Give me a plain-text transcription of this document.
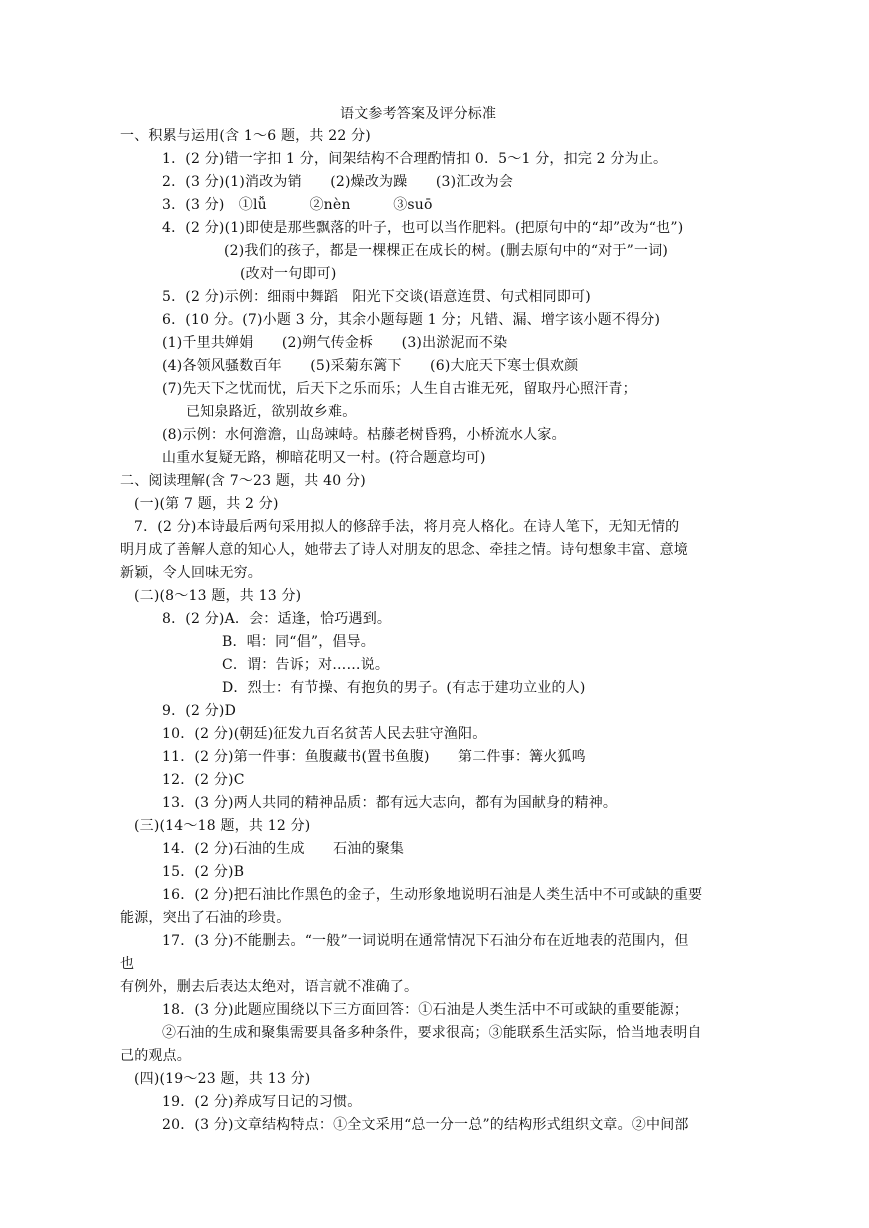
语文参考答案及评分标准
一、积累与运用(含 1～6 题，共 22 分)
1．(2 分)错一字扣 1 分，间架结构不合理酌情扣 0．5～1 分，扣完 2 分为止。
2．(3 分)(1)消改为销　　(2)燥改为躁　　(3)汇改为会
3．(3 分)　①lǚ　　　②nèn　　　③suō
4．(2 分)(1)即使是那些飘落的叶子，也可以当作肥料。(把原句中的“却”改为“也”)
(2)我们的孩子，都是一棵棵正在成长的树。(删去原句中的“对于”一词)
(改对一句即可)
5．(2 分)示例：细雨中舞蹈　阳光下交谈(语意连贯、句式相同即可)
6．(10 分。(7)小题 3 分，其余小题每题 1 分；凡错、漏、增字该小题不得分)
(1)千里共婵娟　　(2)朔气传金柝　　(3)出淤泥而不染
(4)各领风骚数百年　　(5)采菊东篱下　　(6)大庇天下寒士俱欢颜
(7)先天下之忧而忧，后天下之乐而乐；人生自古谁无死，留取丹心照汗青；
已知泉路近，欲别故乡难。
(8)示例：水何澹澹，山岛竦峙。枯藤老树昏鸦，小桥流水人家。
山重水复疑无路，柳暗花明又一村。(符合题意均可)
二、阅读理解(含 7～23 题，共 40 分)
(一)(第 7 题，共 2 分)
7．(2 分)本诗最后两句采用拟人的修辞手法，将月亮人格化。在诗人笔下，无知无情的
明月成了善解人意的知心人，她带去了诗人对朋友的思念、牵挂之情。诗句想象丰富、意境
新颖，令人回味无穷。
(二)(8～13 题，共 13 分)
8．(2 分)A．会：适逢，恰巧遇到。
B．唱：同“倡”，倡导。
C．谓：告诉；对……说。
D．烈士：有节操、有抱负的男子。(有志于建功立业的人)
9．(2 分)D
10．(2 分)(朝廷)征发九百名贫苦人民去驻守渔阳。
11．(2 分)第一件事：鱼腹藏书(置书鱼腹)　　第二件事：篝火狐鸣
12．(2 分)C
13．(3 分)两人共同的精神品质：都有远大志向，都有为国献身的精神。
(三)(14～18 题，共 12 分)
14．(2 分)石油的生成　　石油的聚集
15．(2 分)B
16．(2 分)把石油比作黑色的金子，生动形象地说明石油是人类生活中不可或缺的重要
能源，突出了石油的珍贵。
17．(3 分)不能删去。“一般”一词说明在通常情况下石油分布在近地表的范围内，但
也
有例外，删去后表达太绝对，语言就不准确了。
18．(3 分)此题应围绕以下三方面回答：①石油是人类生活中不可或缺的重要能源；
②石油的生成和聚集需要具备多种条件，要求很高；③能联系生活实际，恰当地表明自
己的观点。
(四)(19～23 题，共 13 分)
19．(2 分)养成写日记的习惯。
20．(3 分)文章结构特点：①全文采用“总一分一总”的结构形式组织文章。②中间部
